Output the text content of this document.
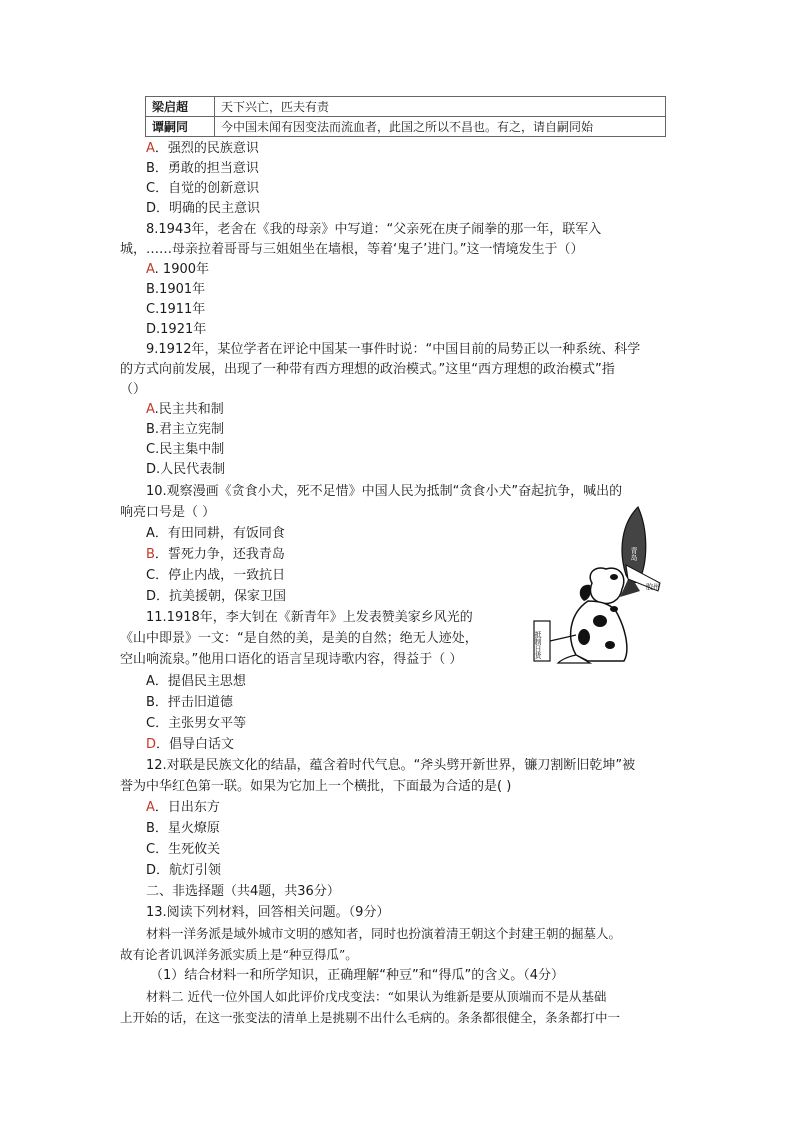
梁启超	天下兴亡，匹夫有责
谭嗣同	今中国未闻有因变法而流血者，此国之所以不昌也。有之，请自嗣同始
A．强烈的民族意识
B．勇敢的担当意识
C．自觉的创新意识
D．明确的民主意识
8.1943年，老舍在《我的母亲》中写道：“父亲死在庚子闹拳的那一年，联军入
城，……母亲拉着哥哥与三姐姐坐在墙根，等着‘鬼子’进门。”这一情境发生于（）
A. 1900年
B.1901年
C.1911年
D.1921年
9.1912年，某位学者在评论中国某一事件时说：“中国目前的局势正以一种系统、科学
的方式向前发展，出现了一种带有西方理想的政治模式。”这里“西方理想的政治模式”指
（）
A.民主共和制
B.君主立宪制
C.民主集中制
D.人民代表制
10.观察漫画《贪食小犬，死不足惜》中国人民为抵制“贪食小犬”奋起抗争，喊出的
响亮口号是（ ）
A．有田同耕，有饭同食
B．誓死力争，还我青岛
C．停止内战，一致抗日
D．抗美援朝，保家卫国
青岛
胶州
抵制日货
11.1918年，李大钊在《新青年》上发表赞美家乡风光的
《山中即景》一文：“是自然的美，是美的自然；绝无人迹处，
空山响流泉。”他用口语化的语言呈现诗歌内容，得益于（ ）
A．提倡民主思想
B．抨击旧道德
C．主张男女平等
D．倡导白话文
12.对联是民族文化的结晶，蕴含着时代气息。“斧头劈开新世界，镰刀割断旧乾坤”被
誉为中华红色第一联。如果为它加上一个横批，下面最为合适的是( )
A．日出东方
B．星火燎原
C．生死攸关
D．航灯引领
二、非选择题（共4题，共36分）
13.阅读下列材料，回答相关问题。（9分）
材料一洋务派是域外城市文明的感知者，同时也扮演着清王朝这个封建王朝的掘墓人。
故有论者讥讽洋务派实质上是“种豆得瓜”。
（1）结合材料一和所学知识，正确理解“种豆”和“得瓜”的含义。（4分）
材料二 近代一位外国人如此评价戊戌变法：“如果认为维新是要从顶端而不是从基础
上开始的话，在这一张变法的清单上是挑剔不出什么毛病的。条条都很健全，条条都打中一
